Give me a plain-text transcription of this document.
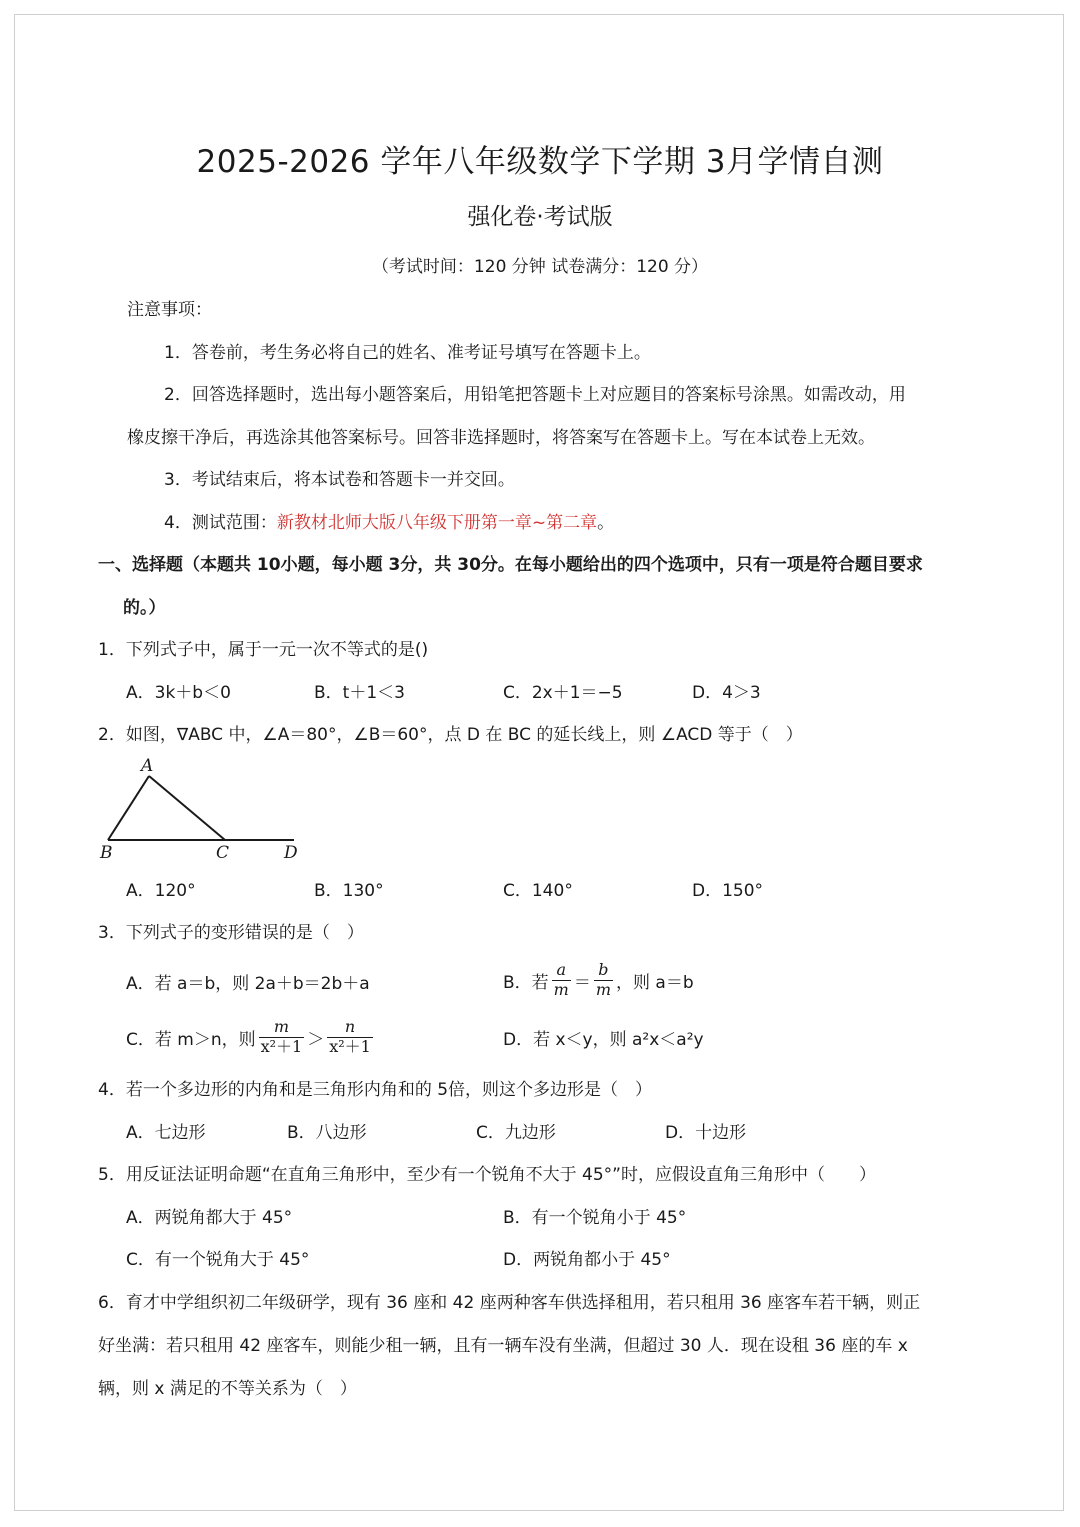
2025-2026 学年八年级数学下学期 3月学情自测
强化卷·考试版
（考试时间：120 分钟 试卷满分：120 分）
注意事项：
1．答卷前，考生务必将自己的姓名、准考证号填写在答题卡上。
2．回答选择题时，选出每小题答案后，用铅笔把答题卡上对应题目的答案标号涂黑。如需改动，用
橡皮擦干净后，再选涂其他答案标号。回答非选择题时，将答案写在答题卡上。写在本试卷上无效。
3．考试结束后，将本试卷和答题卡一并交回。
4．测试范围：新教材北师大版八年级下册第一章~第二章。
一、选择题（本题共 10小题，每小题 3分，共 30分。在每小题给出的四个选项中，只有一项是符合题目要求
的。）
1．下列式子中，属于一元一次不等式的是()
A．3k＋b＜0	B．t＋1＜3	C．2x＋1＝−5	D．4＞3
2．如图，∇ABC 中，∠A＝80°，∠B＝60°，点 D 在 BC 的延长线上，则 ∠ACD 等于（　）
A
B	C	D
A．120°	B．130°	C．140°	D．150°
3．下列式子的变形错误的是（　）
A．若 a＝b，则 2a＋b＝2b＋a	B．若 $\frac{a}{m} = \frac{b}{m}$ ，则 a＝b
C．若 m＞n，则 $\frac{m}{\text{x²＋1}} > \frac{n}{\text{x²＋1}}$	D．若 x＜y，则 a²x＜a²y
4．若一个多边形的内角和是三角形内角和的 5倍，则这个多边形是（　）
A．七边形	B．八边形	C．九边形	D．十边形
5．用反证法证明命题“在直角三角形中，至少有一个锐角不大于 45°”时，应假设直角三角形中（　　）
A．两锐角都大于 45°	B．有一个锐角小于 45°
C．有一个锐角大于 45°	D．两锐角都小于 45°
6．育才中学组织初二年级研学，现有 36 座和 42 座两种客车供选择租用，若只租用 36 座客车若干辆，则正
好坐满：若只租用 42 座客车，则能少租一辆，且有一辆车没有坐满，但超过 30 人．现在设租 36 座的车 x
辆，则 x 满足的不等关系为（　）
